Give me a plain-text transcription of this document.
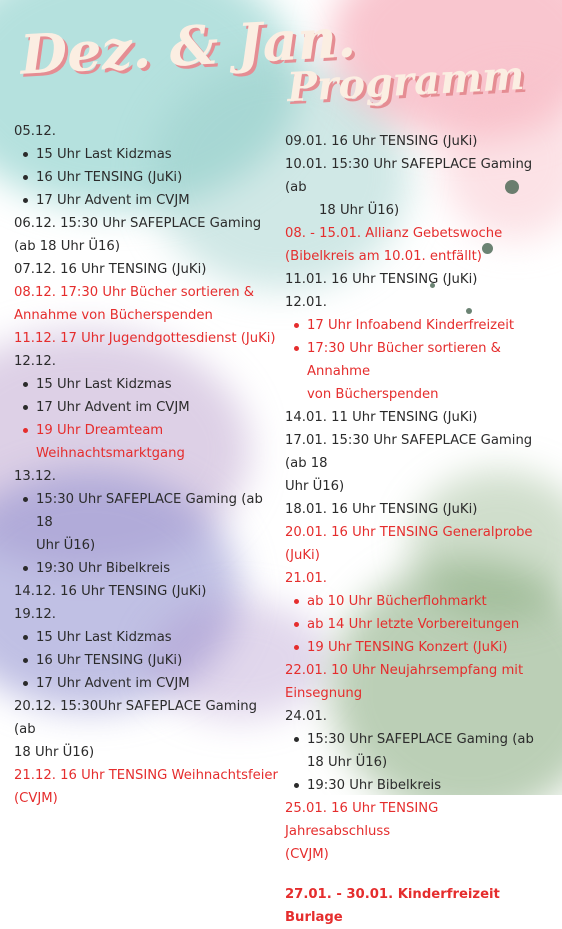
Dez. & Jan.
Programm
05.12.
15 Uhr Last Kidzmas
16 Uhr TENSING (JuKi)
17 Uhr Advent im CVJM
06.12. 15:30 Uhr SAFEPLACE Gaming
(ab 18 Uhr Ü16)
07.12. 16 Uhr TENSING (JuKi)
08.12. 17:30 Uhr Bücher sortieren &
Annahme von Bücherspenden
11.12. 17 Uhr Jugendgottesdienst (JuKi)
12.12.
15 Uhr Last Kidzmas
17 Uhr Advent im CVJM
19 Uhr Dreamteam
Weihnachtsmarktgang
13.12.
15:30 Uhr SAFEPLACE Gaming (ab 18
Uhr Ü16)
19:30 Uhr Bibelkreis
14.12. 16 Uhr TENSING (JuKi)
19.12.
15 Uhr Last Kidzmas
16 Uhr TENSING (JuKi)
17 Uhr Advent im CVJM
20.12. 15:30Uhr SAFEPLACE Gaming (ab
18 Uhr Ü16)
21.12. 16 Uhr TENSING Weihnachtsfeier
(CVJM)
09.01. 16 Uhr TENSING (JuKi)
10.01. 15:30 Uhr SAFEPLACE Gaming (ab
18 Uhr Ü16)
08. - 15.01. Allianz Gebetswoche
(Bibelkreis am 10.01. entfällt)
11.01. 16 Uhr TENSING (JuKi)
12.01.
17 Uhr Infoabend Kinderfreizeit
17:30 Uhr Bücher sortieren & Annahme
von Bücherspenden
14.01. 11 Uhr TENSING (JuKi)
17.01. 15:30 Uhr SAFEPLACE Gaming (ab 18
Uhr Ü16)
18.01. 16 Uhr TENSING (JuKi)
20.01. 16 Uhr TENSING Generalprobe
(JuKi)
21.01.
ab 10 Uhr Bücherflohmarkt
ab 14 Uhr letzte Vorbereitungen
19 Uhr TENSING Konzert (JuKi)
22.01. 10 Uhr Neujahrsempfang mit
Einsegnung
24.01.
15:30 Uhr SAFEPLACE Gaming (ab
18 Uhr Ü16)
19:30 Uhr Bibelkreis
25.01. 16 Uhr TENSING Jahresabschluss
(CVJM)
27.01. - 30.01. Kinderfreizeit Burlage
